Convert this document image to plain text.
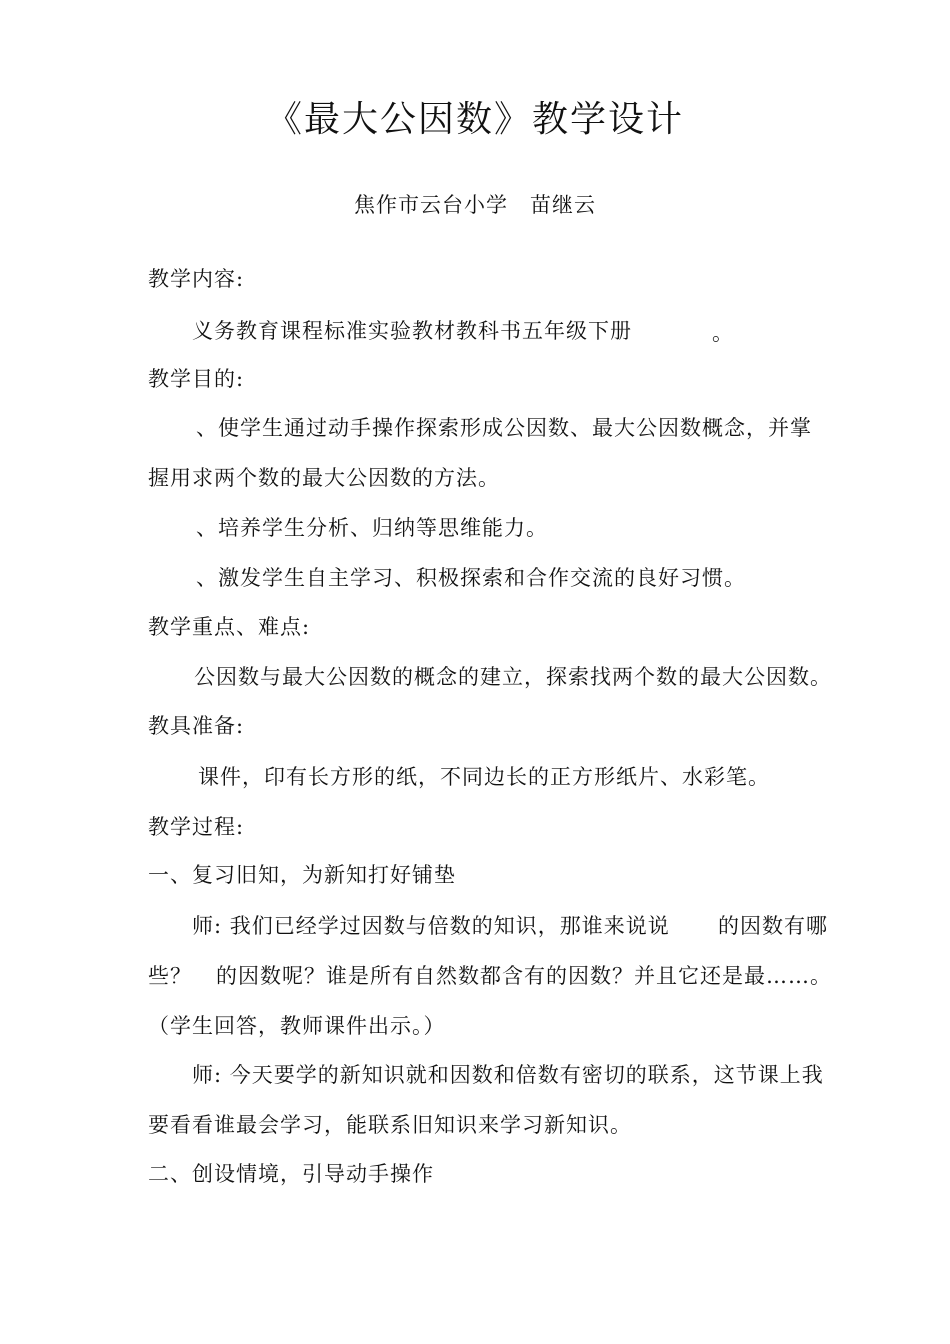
《最大公因数》教学设计
焦作市云台小学 苗继云
教学内容:
义务教育课程标准实验教材教科书五年级下册	。
教学目的:
、使学生通过动手操作探索形成公因数、最大公因数概念，并掌
握用求两个数的最大公因数的方法。
、培养学生分析、归纳等思维能力。
、激发学生自主学习、积极探索和合作交流的良好习惯。
教学重点、难点:
公因数与最大公因数的概念的建立，探索找两个数的最大公因数。
教具准备:
课件，印有长方形的纸，不同边长的正方形纸片、水彩笔。
教学过程:
一、复习旧知，为新知打好铺垫
师: 我们已经学过因数与倍数的知识，那谁来说说 的因数有哪
些？ 的因数呢？谁是所有自然数都含有的因数？并且它还是最……。
（学生回答，教师课件出示。）
师: 今天要学的新知识就和因数和倍数有密切的联系，这节课上我
要看看谁最会学习，能联系旧知识来学习新知识。
二、创设情境，引导动手操作
